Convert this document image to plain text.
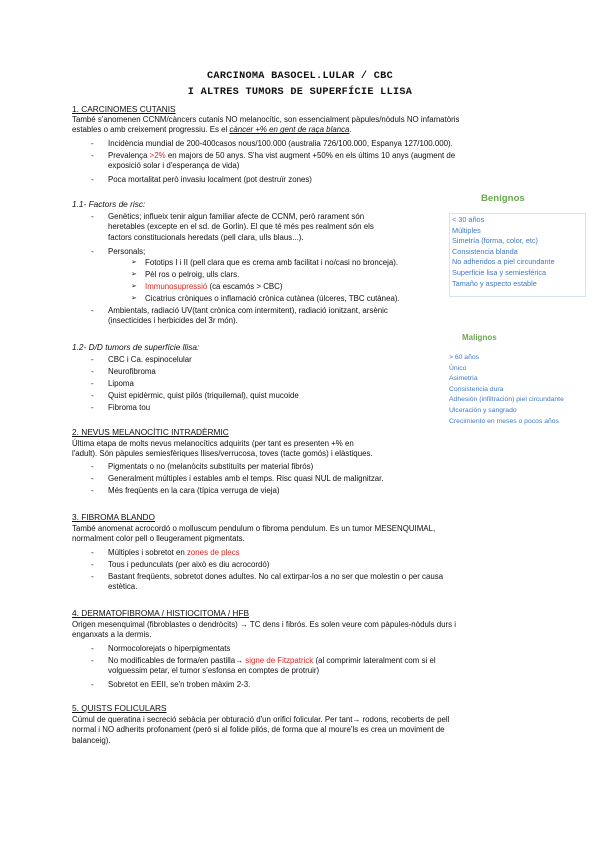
CARCINOMA BASOCEL.LULAR / CBC
I ALTRES TUMORS DE SUPERFÍCIE LLISA
1. CARCINOMES CUTANIS
També s'anomenen CCNM/càncers cutanis NO melanocític, son essencialment pàpules/nòduls NO infamatòris
estables o amb creixement progressiu. Es el càncer +% en gent de raça blanca.
- Incidència mundial de 200-400casos nous/100.000 (australia 726/100.000, Espanya 127/100.000).
- Prevalença >2% en majors de 50 anys. S'ha vist augment +50% en els últims 10 anys (augment de
exposició solar i d'esperança de vida)
- Poca mortalitat però invasiu localment (pot destruïr zones)
1.1- Factors de risc:
- Genètics; influeix tenir algun familiar afecte de CCNM, però rarament són
heretables (excepte en el sd. de Gorlin). El que té més pes realment són els
factors constitucionals heredats (pell clara, ulls blaus...).
- Personals;
➢ Fototips I i II (pell clara que es crema amb facilitat i no/casi no bronceja).
➢ Pèl ros o pelroig, ulls clars.
➢ Immunosupressió (ca escamós > CBC)
➢ Cicatrius cròniques o inflamació crònica cutànea (úlceres, TBC cutànea).
- Ambientals, radiació UV(tant crònica com intermitent), radiació ionitzant, arsènic
(insecticides i herbicides del 3r món).
1.2- D/D tumors de superfície llisa:
- CBC i Ca. espinocelular
- Neurofibroma
- Lipoma
- Quist epidèrmic, quist pilós (triquilemal), quist mucoide
- Fibroma tou
2. NEVUS MELANOCÍTIC INTRADÈRMIC
Última etapa de molts nevus melanocítics adquirits (per tant es presenten +% en
l'adult). Són pàpules semiesfèriques llises/verrucosa, toves (tacte gomós) i elàstiques.
- Pigmentats o no (melanòcits substituïts per material fibrós)
- Generalment múltiples i estables amb el temps. Risc quasi NUL de malignitzar.
- Més freqüents en la cara (típica verruga de vieja)
3. FIBROMA BLANDO
També anomenat acrocordó o molluscum pendulum o fibroma pendulum. Es un tumor MESENQUIMAL,
normalment color pell o lleugerament pigmentats.
- Múltiples i sobretot en zones de plecs
- Tous i pedunculats (per això es diu acrocordó)
- Bastant freqüents, sobretot dones adultes. No cal extirpar-los a no ser que molestin o per causa
estètica.
4. DERMATOFIBROMA / HISTIOCITOMA / HFB
Origen mesenquimal (fibroblastes o dendròcits) → TC dens i fibrós. Es solen veure com pàpules-nòduls durs i
enganxats a la dermis.
- Normocolorejats o hiperpigmentats
- No modificables de forma/en pastilla→ signe de Fitzpatrick (al comprimir lateralment com si el
volguessim petar, el tumor s'esfonsa en comptes de protruir)
- Sobretot en EEII, se'n troben màxim 2-3.
5. QUISTS FOLICULARS
Cúmul de queratina i secreció sebàcia per obturació d'un orifici folicular. Per tant→ rodons, recoberts de pell
normal i NO adherits profonament (però si al folide pilós, de forma que al moure'ls es crea un moviment de
balanceig).
Benignos
< 30 años
Múltiples
Simetría (forma, color, etc)
Consistencia blanda
No adheridos a piel circundante
Superficie lisa y semiesférica
Tamaño y aspecto estable
Malignos
> 60 años
Único
Asimetría
Consistencia dura
Adhesión (infiltración) piel circundante
Ulceración y sangrado
Crecimiento en meses o pocos años
